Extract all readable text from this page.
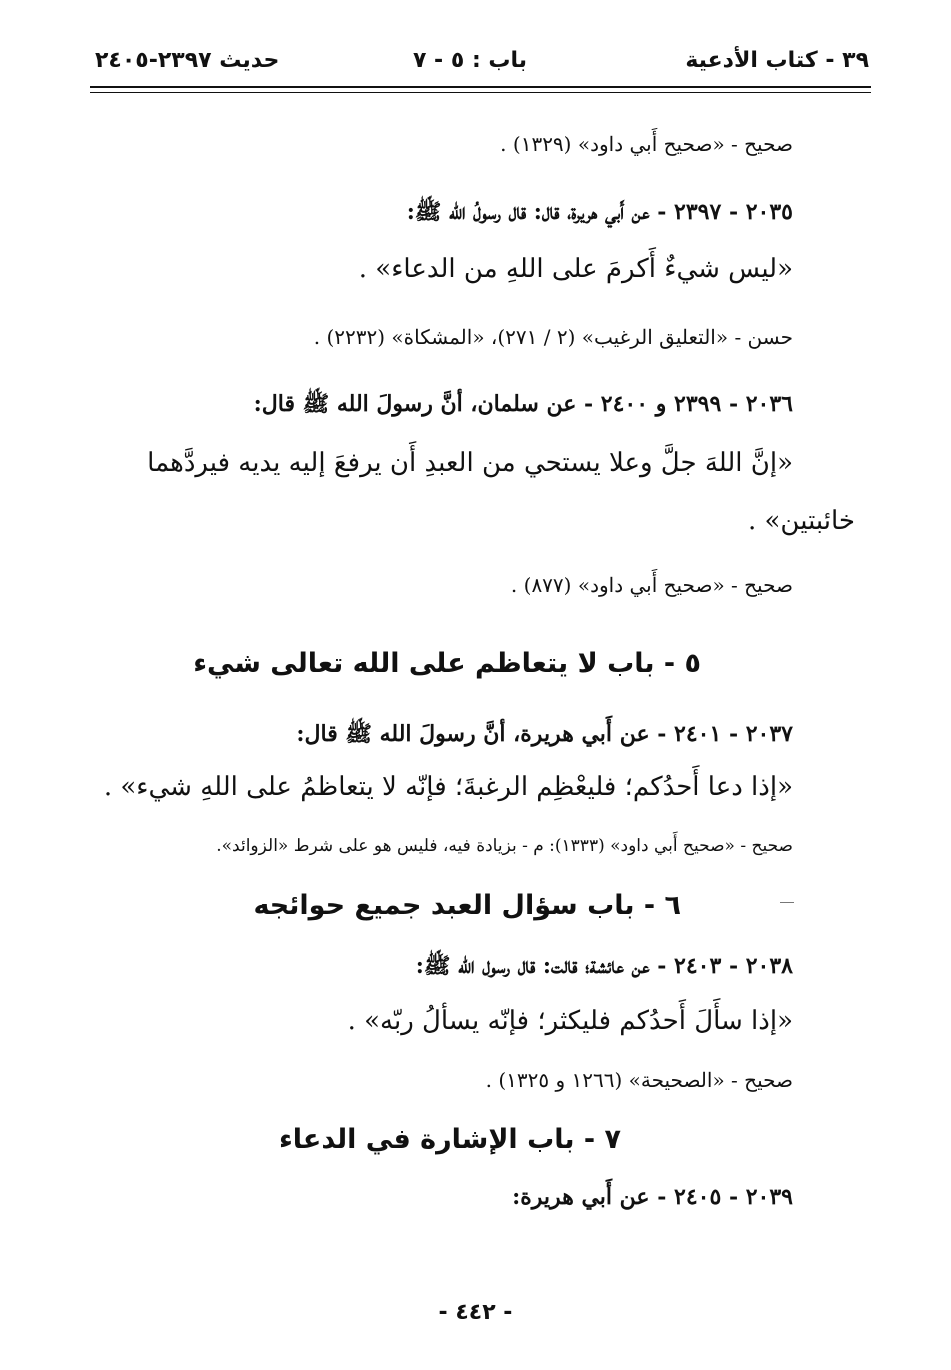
٣٩ - كتاب الأدعية
باب : ٥ - ٧
حديث ٢٣٩٧-٢٤٠٥
صحيح - «صحيح أَبي داود» (١٣٢٩) .
٢٠٣٥ - ٢٣٩٧ - عن أَبي هريرة، قال: قال رسولُ الله ﷺ:
«ليس شيءٌ أَكرمَ على اللهِ من الدعاء» .
حسن - «التعليق الرغيب» (٢ / ٢٧١)، «المشكاة» (٢٢٣٢) .
٢٠٣٦ - ٢٣٩٩ و ٢٤٠٠ - عن سلمان، أنَّ رسولَ الله ﷺ قال:
«إنَّ اللهَ جلَّ وعلا يستحي من العبدِ أَن يرفعَ إليه يديه فيردَّهما
خائبتين» .
صحيح - «صحيح أَبي داود» (٨٧٧) .
٥ - باب لا يتعاظم على الله تعالى شيء
٢٠٣٧ - ٢٤٠١ - عن أَبي هريرة، أنَّ رسولَ الله ﷺ قال:
«إذا دعا أَحدُكم؛ فليعْظِم الرغبةَ؛ فإنّه لا يتعاظمُ على اللهِ شيء» .
صحيح - «صحيح أَبي داود» (١٣٣٣): م - بزيادة فيه، فليس هو على شرط «الزوائد».
٦ - باب سؤال العبد جميع حوائجه
٢٠٣٨ - ٢٤٠٣ - عن عائشة؛ قالت: قال رسول الله ﷺ:
«إذا سأَلَ أَحدُكم فليكثر؛ فإنّه يسألُ ربّه» .
صحيح - «الصحيحة» (١٢٦٦ و ١٣٢٥) .
٧ - باب الإشارة في الدعاء
٢٠٣٩ - ٢٤٠٥ - عن أَبي هريرة:
- ٤٤٢ -
